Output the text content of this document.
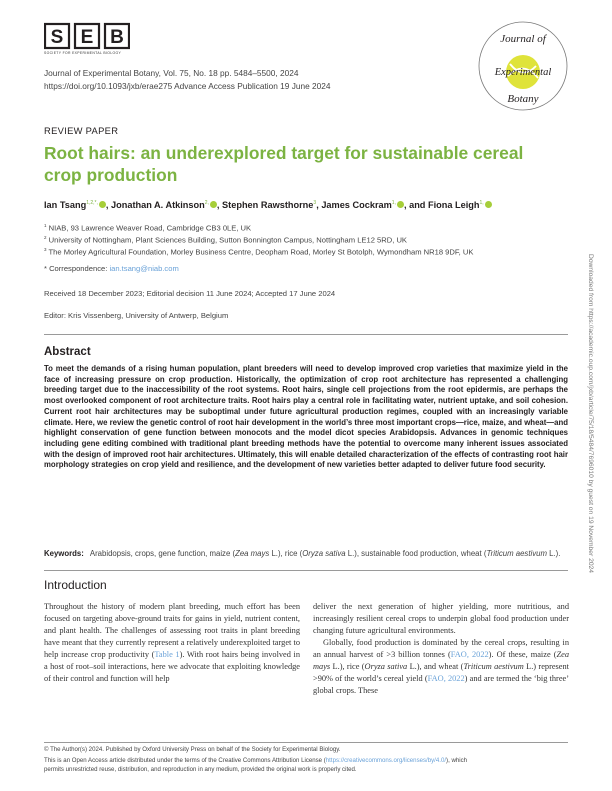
S E B
SOCIETY FOR EXPERIMENTAL BIOLOGY
Journal of
Experimental
Botany
Journal of Experimental Botany, Vol. 75, No. 18 pp. 5484–5500, 2024
https://doi.org/10.1093/jxb/erae275 Advance Access Publication 19 June 2024
REVIEW PAPER
Root hairs: an underexplored target for sustainable cereal crop production
Ian Tsang$^{1,2,*,}$ , Jonathan A. Atkinson$^{2,}$ , Stephen Rawsthorne$^3$, James Cockram$^{1,}$ , and Fiona Leigh$^{1,}$
$^1$ NIAB, 93 Lawrence Weaver Road, Cambridge CB3 0LE, UK
$^2$ University of Nottingham, Plant Sciences Building, Sutton Bonnington Campus, Nottingham LE12 5RD, UK
$^3$ The Morley Agricultural Foundation, Morley Business Centre, Deopham Road, Morley St Botolph, Wymondham NR18 9DF, UK
* Correspondence: ian.tsang@niab.com
Received 18 December 2023; Editorial decision 11 June 2024; Accepted 17 June 2024
Editor: Kris Vissenberg, University of Antwerp, Belgium
Abstract

To meet the demands of a rising human population, plant breeders will need to develop improved crop varieties that maximize yield in the face of increasing pressure on crop production. Historically, the optimization of crop root architecture has represented a challenging breeding target due to the inaccessibility of the root systems. Root hairs, single cell projections from the root epidermis, are perhaps the most overlooked component of root architecture traits. Root hairs play a central role in facilitating water, nutrient uptake, and soil cohesion. Current root hair architectures may be suboptimal under future agricultural production regimes, coupled with an increasingly variable climate. Here, we review the genetic control of root hair development in the world’s three most important crops—rice, maize, and wheat—and highlight conservation of gene function between monocots and the model dicot species Arabidopsis. Advances in genomic techniques including gene editing combined with traditional plant breeding methods have the potential to overcome many inherent issues associated with the design of improved root hair architectures. Ultimately, this will enable detailed characterization of the effects of contrasting root hair morphology strategies on crop yield and resilience, and the development of new varieties better adapted to deliver future food security.

Keywords: Arabidopsis, crops, gene function, maize (Zea mays L.), rice (Oryza sativa L.), sustainable food production, wheat (Triticum aestivum L.).

Introduction

Throughout the history of modern plant breeding, much effort has been focused on targeting above-ground traits for gains in yield, nutrient content, and plant health. The challenges of assessing root traits in plant breeding have meant that they currently represent a relatively underexploited target to help increase crop productivity (Table 1). With root hairs being involved in a host of root–soil interactions, here we advocate that exploiting knowledge of their control and function will help

deliver the next generation of higher yielding, more nutritious, and increasingly resilient cereal crops to underpin global food production under changing future agricultural environments.

Globally, food production is dominated by the cereal crops, resulting in an annual harvest of >3 billion tonnes (FAO, 2022). Of these, maize (Zea mays L.), rice (Oryza sativa L.), and wheat (Triticum aestivum L.) represent >90% of the world’s cereal yield (FAO, 2022) and are termed the ‘big three’ global crops. These

© The Author(s) 2024. Published by Oxford University Press on behalf of the Society for Experimental Biology.

This is an Open Access article distributed under the terms of the Creative Commons Attribution License (https://creativecommons.org/licenses/by/4.0/), which

permits unrestricted reuse, distribution, and reproduction in any medium, provided the original work is properly cited.

Downloaded from https://academic.oup.com/jxb/article/75/18/5484/7696010 by guest on 19 November 2024
